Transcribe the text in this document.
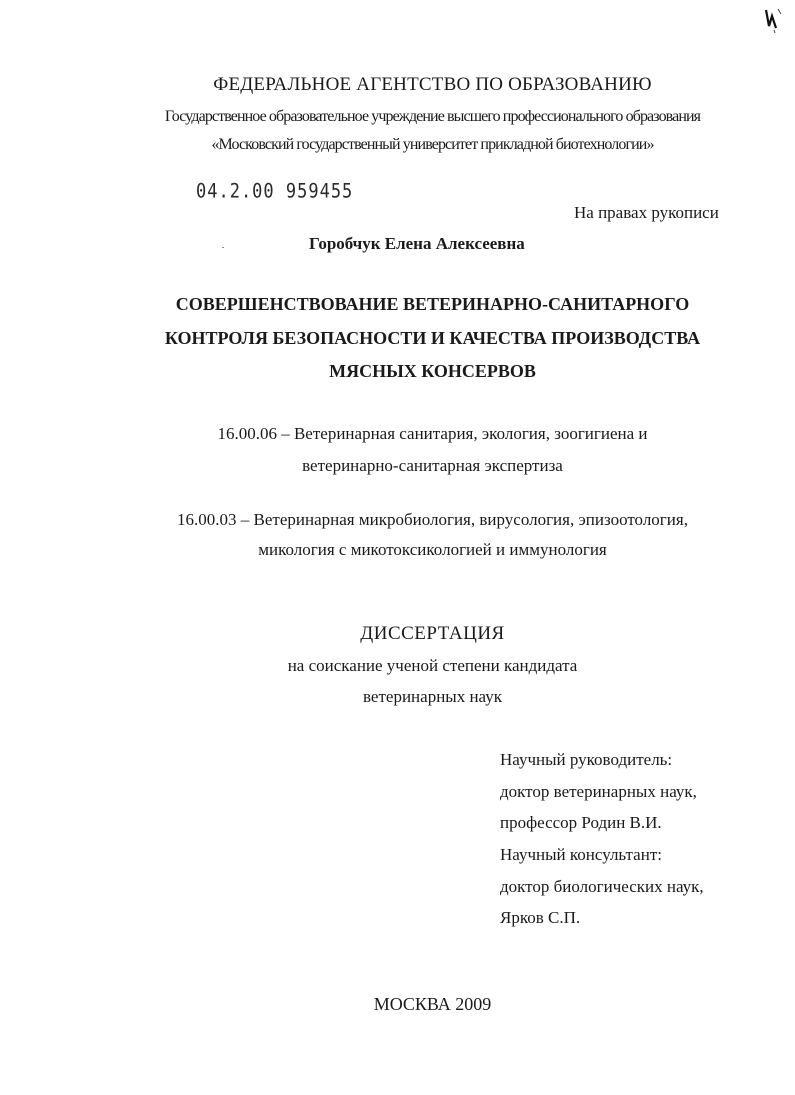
ФЕДЕРАЛЬНОЕ АГЕНТСТВО ПО ОБРАЗОВАНИЮ
Государственное образовательное учреждение высшего профессионального образования
«Московский государственный университет прикладной биотехнологии»
04.2.00 959455
На правах рукописи
Горобчук Елена Алексеевна
СОВЕРШЕНСТВОВАНИЕ ВЕТЕРИНАРНО-САНИТАРНОГО
КОНТРОЛЯ БЕЗОПАСНОСТИ И КАЧЕСТВА ПРОИЗВОДСТВА
МЯСНЫХ КОНСЕРВОВ
16.00.06 – Ветеринарная санитария, экология, зоогигиена и
ветеринарно-санитарная экспертиза
16.00.03 – Ветеринарная микробиология, вирусология, эпизоотология,
микология с микотоксикологией и иммунология
ДИССЕРТАЦИЯ
на соискание ученой степени кандидата
ветеринарных наук
Научный руководитель:
доктор ветеринарных наук,
профессор Родин В.И.
Научный консультант:
доктор биологических наук,
Ярков С.П.
МОСКВА 2009
